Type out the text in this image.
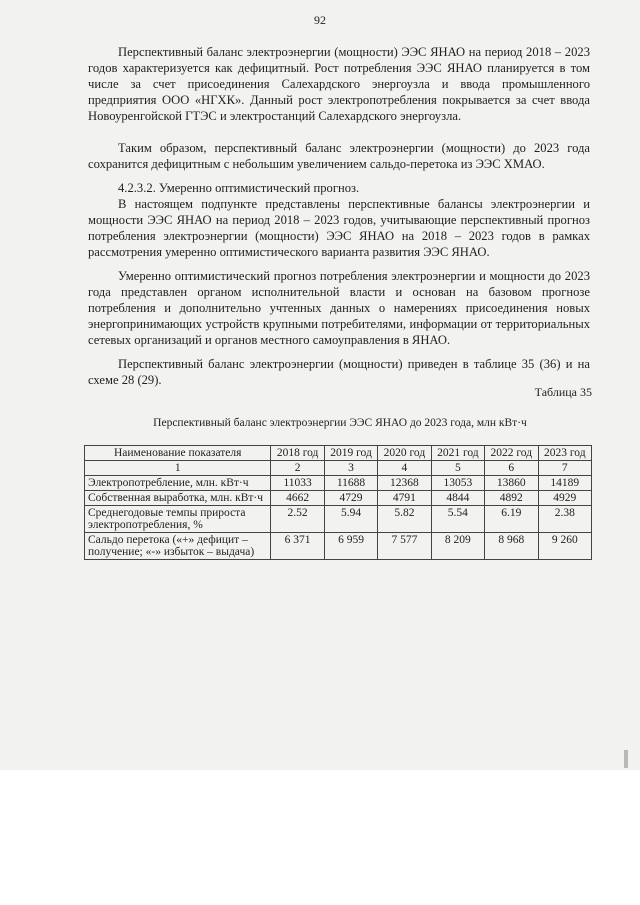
92

Перспективный баланс электроэнергии (мощности) ЭЭС ЯНАО на период 2018 – 2023 годов характеризуется как дефицитный. Рост потребления ЭЭС ЯНАО планируется в том числе за счет присоединения Салехардского энергоузла и ввода промышленного предприятия ООО «НГХК». Данный рост электропотребления покрывается за счет ввода Новоуренгойской ГТЭС и электростанций Салехардского энергоузла.

Таким образом, перспективный баланс электроэнергии (мощности) до 2023 года сохранится дефицитным с небольшим увеличением сальдо-перетока из ЭЭС ХМАО.

4.2.3.2. Умеренно оптимистический прогноз.

В настоящем подпункте представлены перспективные балансы электроэнергии и мощности ЭЭС ЯНАО на период 2018 – 2023 годов, учитывающие перспективный прогноз потребления электроэнергии (мощности) ЭЭС ЯНАО на 2018 – 2023 годов в рамках рассмотрения умеренно оптимистического варианта развития ЭЭС ЯНАО.

Умеренно оптимистический прогноз потребления электроэнергии и мощности до 2023 года представлен органом исполнительной власти и основан на базовом прогнозе потребления и дополнительно учтенных данных о намерениях присоединения новых энергопринимающих устройств крупными потребителями, информации от территориальных сетевых организаций и органов местного самоуправления в ЯНАО.

Перспективный баланс электроэнергии (мощности) приведен в таблице 35 (36) и на схеме 28 (29).

Таблица 35
Перспективный баланс электроэнергии ЭЭС ЯНАО до 2023 года, млн кВт·ч
Наименование показателя	2018 год	2019 год	2020 год	2021 год	2022 год	2023 год
1	2	3	4	5	6	7
Электропотребление, млн. кВт·ч	11033	11688	12368	13053	13860	14189
Собственная выработка, млн. кВт·ч	4662	4729	4791	4844	4892	4929
Среднегодовые темпы прироста электропотребления, %	2.52	5.94	5.82	5.54	6.19	2.38
Сальдо перетока («+» дефицит – получение; «-» избыток – выдача)	6 371	6 959	7 577	8 209	8 968	9 260
